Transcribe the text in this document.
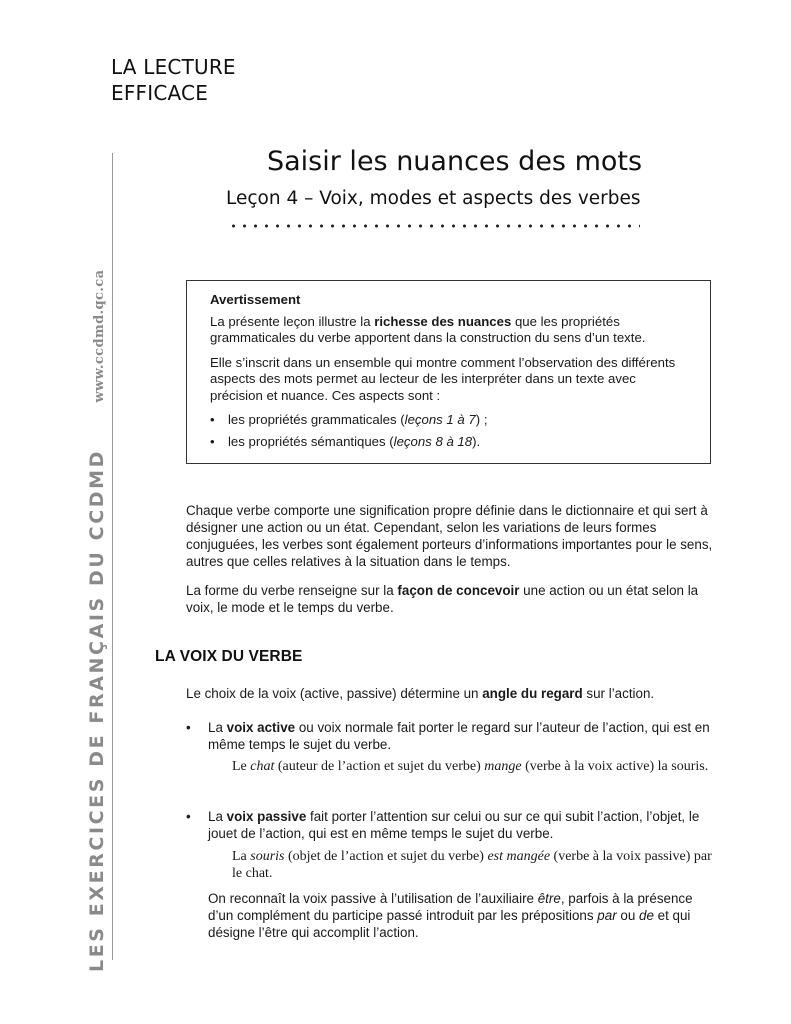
LA LECTURE
EFFICACE
LES EXERCICES DE FRANÇAIS DU CCDMD www.ccdmd.qc.ca
Saisir les nuances des mots
Leçon 4 – Voix, modes et aspects des verbes
Avertissement

La présente leçon illustre la richesse des nuances que les propriétés grammaticales du verbe apportent dans la construction du sens d’un texte.

Elle s’inscrit dans un ensemble qui montre comment l’observation des différents aspects des mots permet au lecteur de les interpréter dans un texte avec précision et nuance. Ces aspects sont :

• les propriétés grammaticales (leçons 1 à 7) ;
• les propriétés sémantiques (leçons 8 à 18).

Chaque verbe comporte une signification propre définie dans le dictionnaire et qui sert à désigner une action ou un état. Cependant, selon les variations de leurs formes conjuguées, les verbes sont également porteurs d’informations importantes pour le sens, autres que celles relatives à la situation dans le temps.

La forme du verbe renseigne sur la façon de concevoir une action ou un état selon la voix, le mode et le temps du verbe.

LA VOIX DU VERBE

Le choix de la voix (active, passive) détermine un angle du regard sur l’action.

• La voix active ou voix normale fait porter le regard sur l’auteur de l’action, qui est en même temps le sujet du verbe.

Le chat (auteur de l’action et sujet du verbe) mange (verbe à la voix active) la souris.

• La voix passive fait porter l’attention sur celui ou sur ce qui subit l’action, l’objet, le jouet de l’action, qui est en même temps le sujet du verbe.

La souris (objet de l’action et sujet du verbe) est mangée (verbe à la voix passive) par le chat.

On reconnaît la voix passive à l’utilisation de l’auxiliaire être, parfois à la présence d’un complément du participe passé introduit par les prépositions par ou de et qui désigne l’être qui accomplit l’action.
